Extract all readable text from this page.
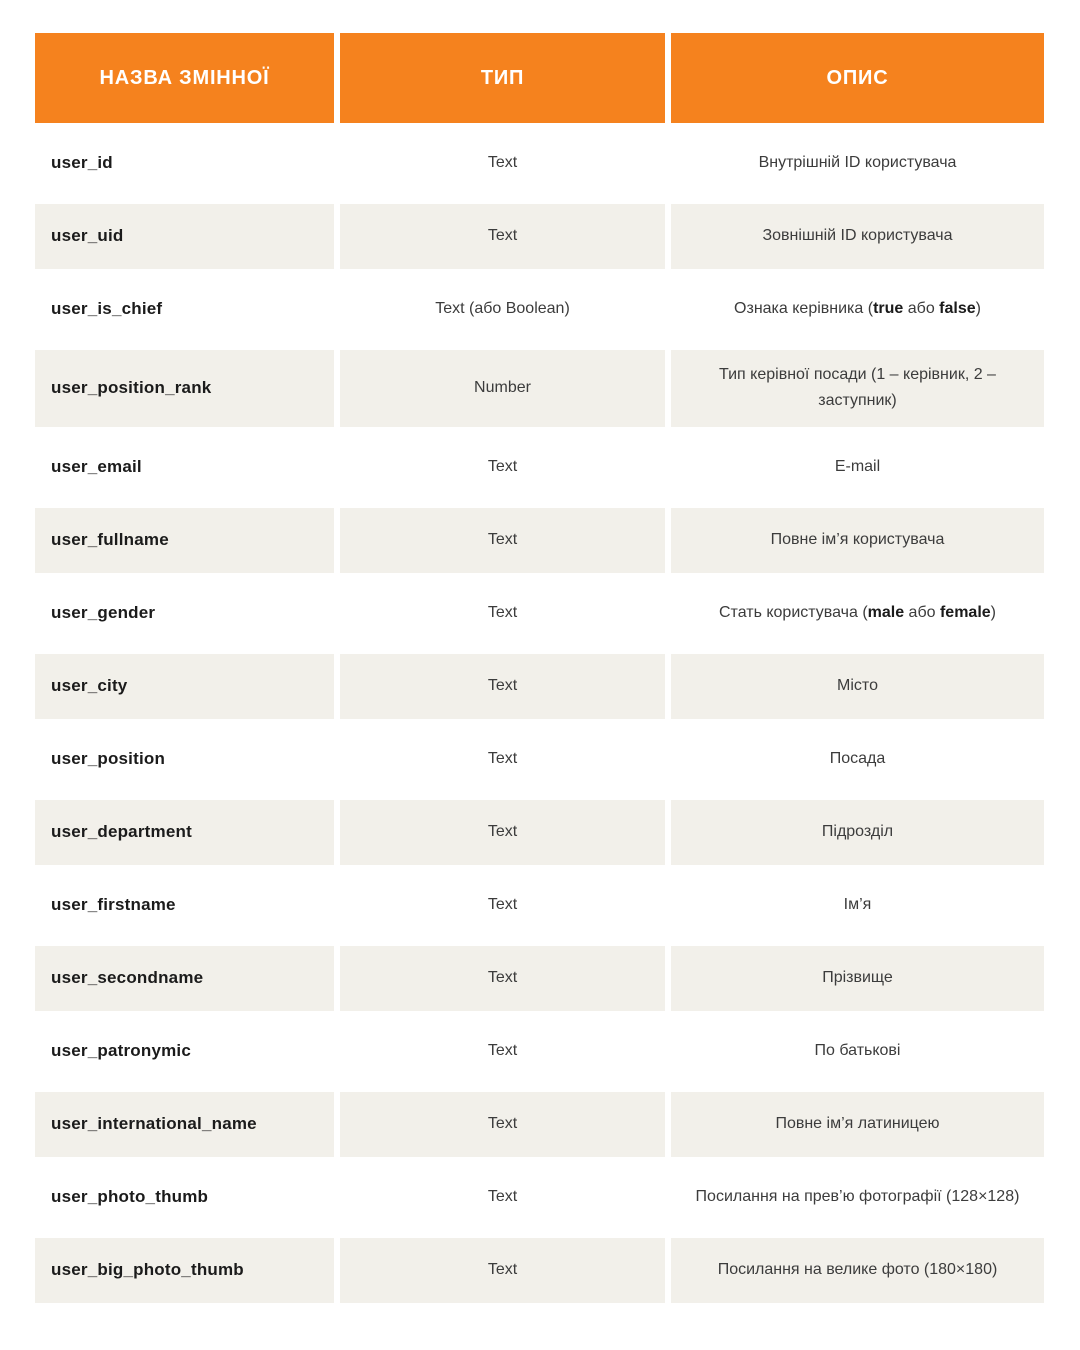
НАЗВА ЗМІННОЇ	ТИП	ОПИС
user_id	Text	Внутрішній ID користувача
user_uid	Text	Зовнішній ID користувача
user_is_chief	Text (або Boolean)	Ознака керівника (true або false)
user_position_rank	Number	Тип керівної посади (1 – керівник, 2 – заступник)
user_email	Text	E-mail
user_fullname	Text	Повне ім’я користувача
user_gender	Text	Стать користувача (male або female)
user_city	Text	Місто
user_position	Text	Посада
user_department	Text	Підрозділ
user_firstname	Text	Ім’я
user_secondname	Text	Прізвище
user_patronymic	Text	По батькові
user_international_name	Text	Повне ім’я латиницею
user_photo_thumb	Text	Посилання на прев’ю фотографії (128×128)
user_big_photo_thumb	Text	Посилання на велике фото (180×180)
